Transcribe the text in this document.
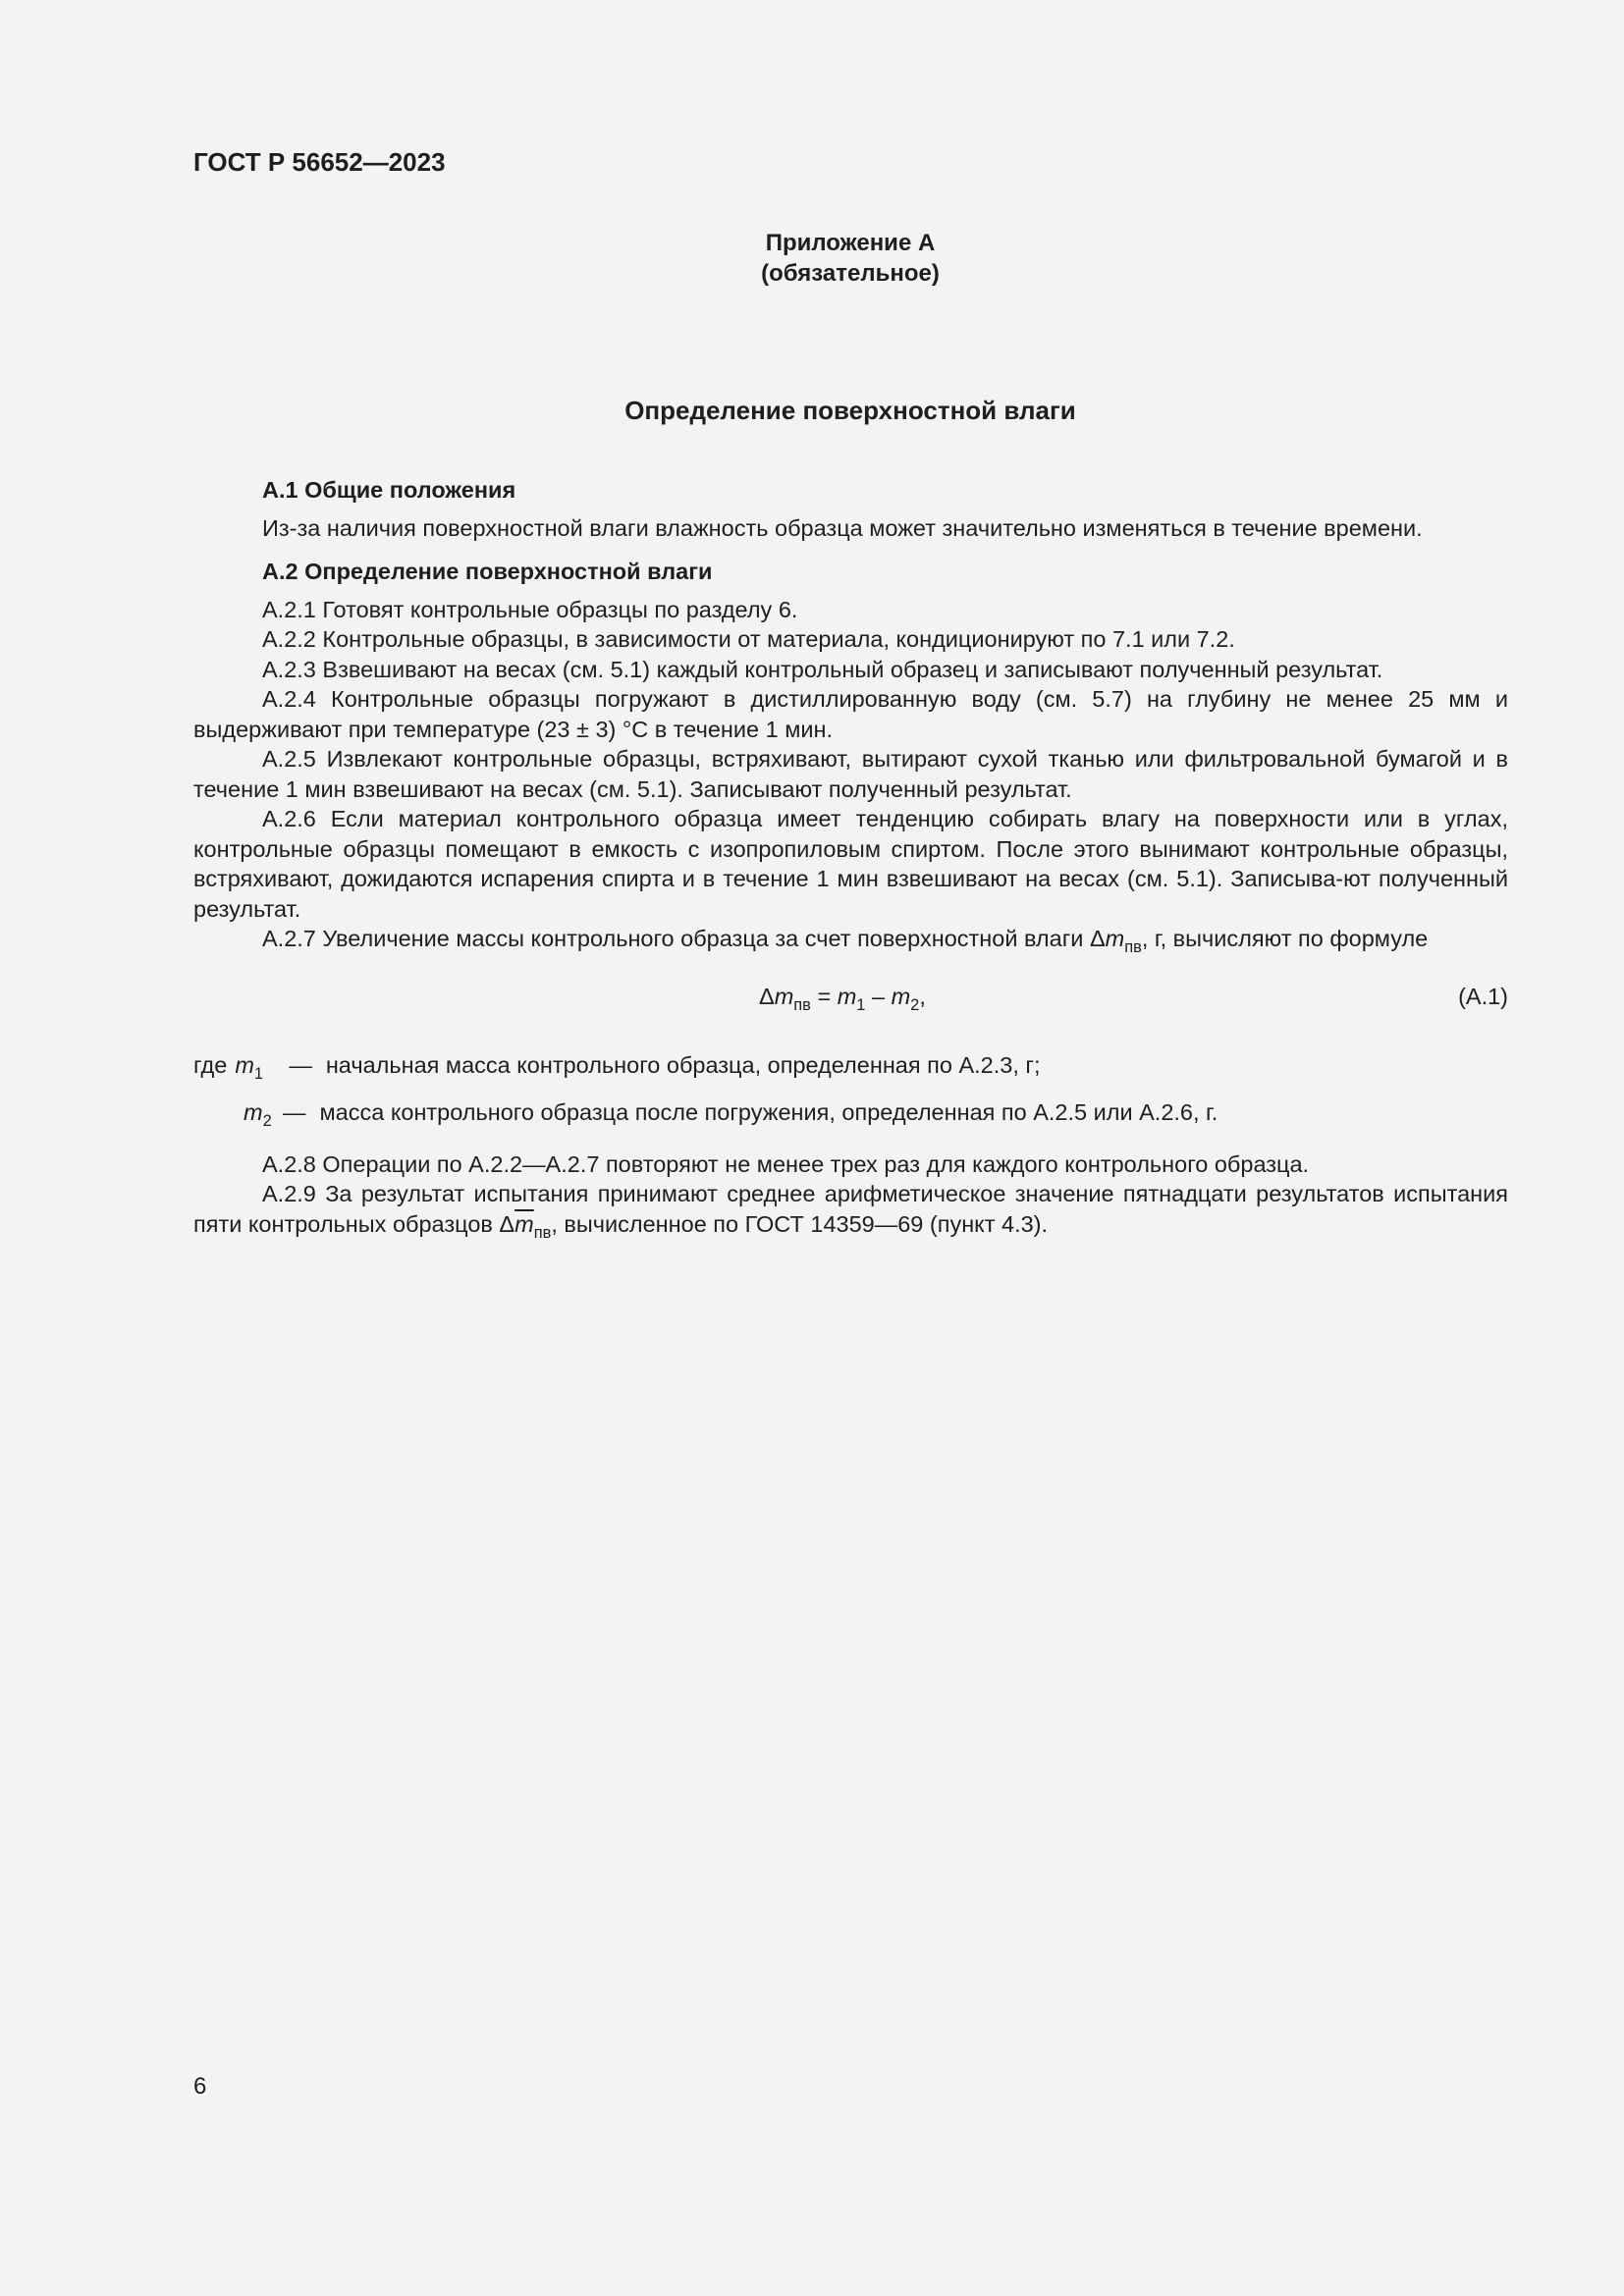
ГОСТ Р 56652—2023
Приложение А
(обязательное)
Определение поверхностной влаги

А.1 Общие положения

Из-за наличия поверхностной влаги влажность образца может значительно изменяться в течение времени.

А.2 Определение поверхностной влаги

А.2.1 Готовят контрольные образцы по разделу 6.

А.2.2 Контрольные образцы, в зависимости от материала, кондиционируют по 7.1 или 7.2.

А.2.3 Взвешивают на весах (см. 5.1) каждый контрольный образец и записывают полученный результат.

А.2.4 Контрольные образцы погружают в дистиллированную воду (см. 5.7) на глубину не менее 25 мм и выдерживают при температуре (23 ± 3) °С в течение 1 мин.

А.2.5 Извлекают контрольные образцы, встряхивают, вытирают сухой тканью или фильтровальной бумагой и в течение 1 мин взвешивают на весах (см. 5.1). Записывают полученный результат.

А.2.6 Если материал контрольного образца имеет тенденцию собирать влагу на поверхности или в углах, контрольные образцы помещают в емкость с изопропиловым спиртом. После этого вынимают контрольные образцы, встряхивают, дожидаются испарения спирта и в течение 1 мин взвешивают на весах (см. 5.1). Записыва-ют полученный результат.

А.2.7 Увеличение массы контрольного образца за счет поверхностной влаги $\Delta m_{пв}$, г, вычисляют по формуле

$\Delta m_{пв} = m_1 - m_2$,	(А.1)

где $m_1$	— начальная масса контрольного образца, определенная по А.2.3, г;
$m_2$ — масса контрольного образца после погружения, определенная по А.2.5 или А.2.6, г.

А.2.8 Операции по А.2.2—А.2.7 повторяют не менее трех раз для каждого контрольного образца.

А.2.9 За результат испытания принимают среднее арифметическое значение пятнадцати результатов испытания пяти контрольных образцов $\Delta\overline{m}_{пв}$, вычисленное по ГОСТ 14359—69 (пункт 4.3).

6
